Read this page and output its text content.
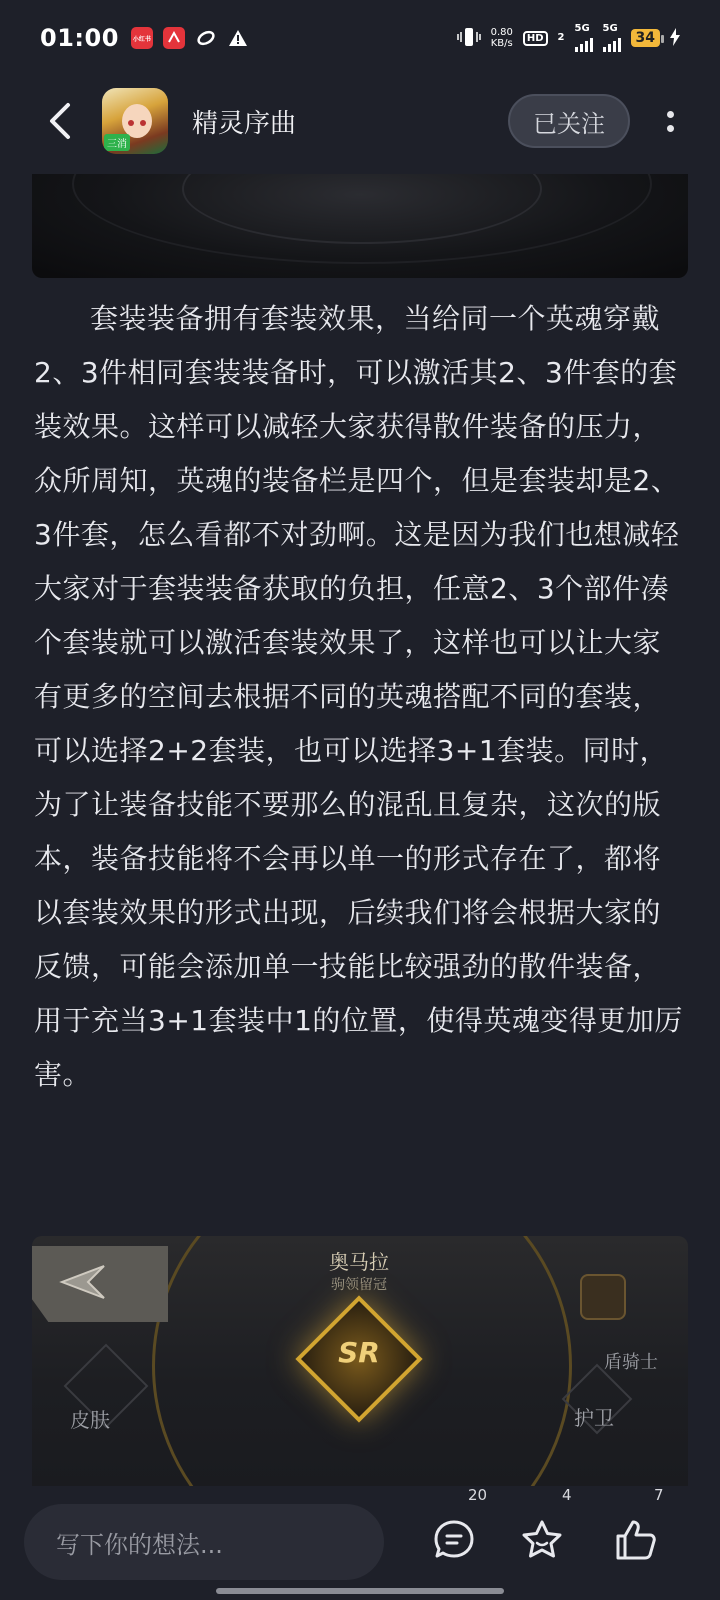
01:00	小红书
0.80
KB/s	HD	2
5G 5G
34
三消
精灵序曲	已关注

套装装备拥有套装效果，当给同一个英魂穿戴2、3件相同套装装备时，可以激活其2、3件套的套装效果。这样可以减轻大家获得散件装备的压力，众所周知，英魂的装备栏是四个，但是套装却是2、3件套，怎么看都不对劲啊。这是因为我们也想减轻大家对于套装装备获取的负担，任意2、3个部件凑个套装就可以激活套装效果了，这样也可以让大家有更多的空间去根据不同的英魂搭配不同的套装，可以选择2+2套装，也可以选择3+1套装。同时，为了让装备技能不要那么的混乱且复杂，这次的版本，装备技能将不会再以单一的形式存在了，都将以套装效果的形式出现，后续我们将会根据大家的反馈，可能会添加单一技能比较强劲的散件装备，用于充当3+1套装中1的位置，使得英魂变得更加厉害。

奥马拉
驹领留冠
SR
皮肤
盾骑士
护卫
写下你的想法...
20	4	7
